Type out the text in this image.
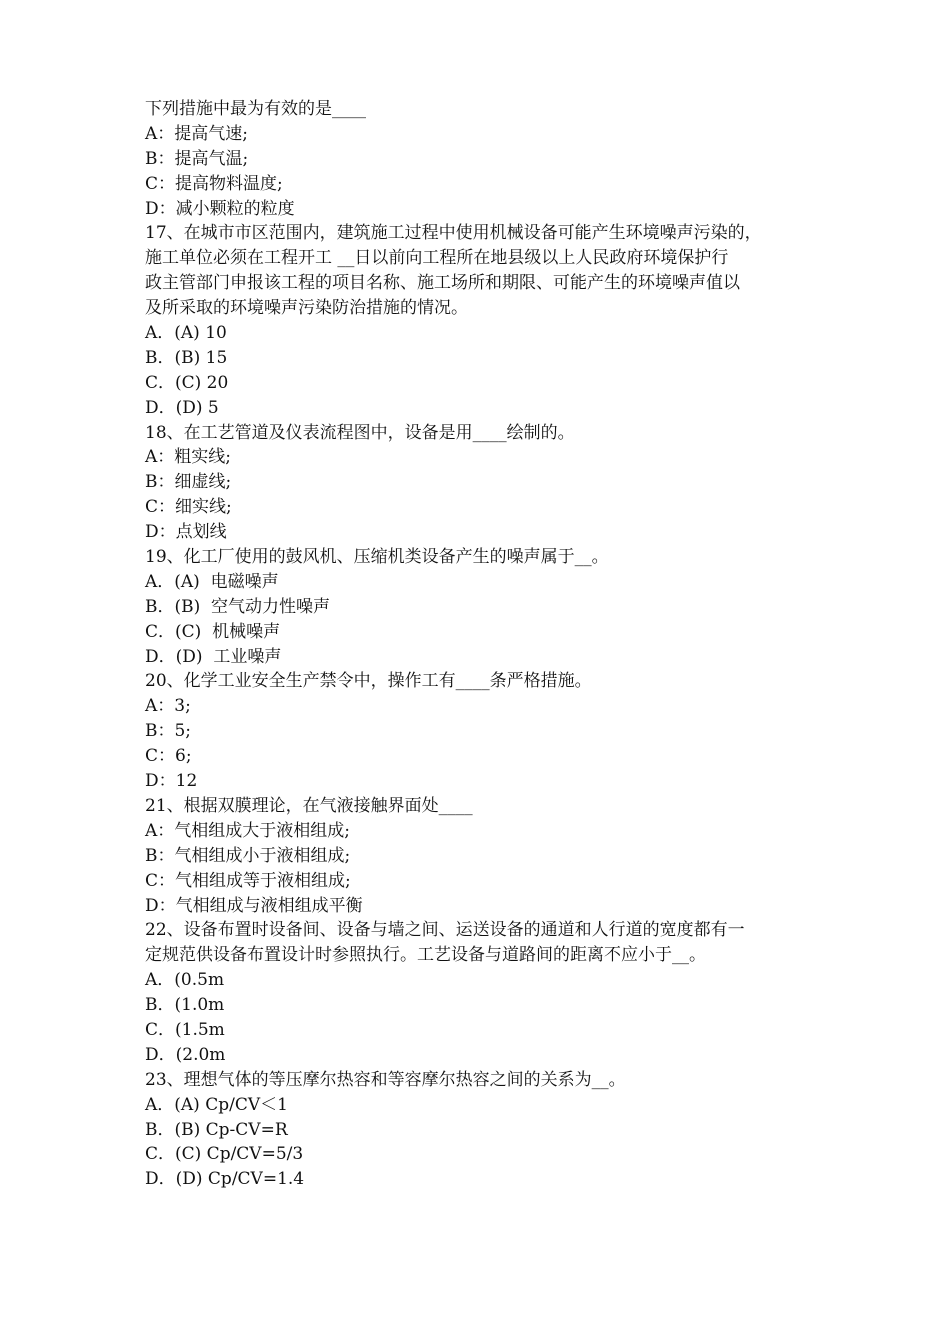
下列措施中最为有效的是____
A：提高气速;
B：提高气温;
C：提高物料温度;
D：减小颗粒的粒度
17、在城市市区范围内，建筑施工过程中使用机械设备可能产生环境噪声污染的，
施工单位必须在工程开工 __日以前向工程所在地县级以上人民政府环境保护行
政主管部门申报该工程的项目名称、施工场所和期限、可能产生的环境噪声值以
及所采取的环境噪声污染防治措施的情况。
A．(A) 10
B．(B) 15
C．(C) 20
D．(D) 5
18、在工艺管道及仪表流程图中，设备是用____绘制的。
A：粗实线;
B：细虚线;
C：细实线;
D：点划线
19、化工厂使用的鼓风机、压缩机类设备产生的噪声属于__。
A．(A)  电磁噪声
B．(B)  空气动力性噪声
C．(C)  机械噪声
D．(D)  工业噪声
20、化学工业安全生产禁令中，操作工有____条严格措施。
A：3;
B：5;
C：6;
D：12
21、根据双膜理论，在气液接触界面处____
A：气相组成大于液相组成;
B：气相组成小于液相组成;
C：气相组成等于液相组成;
D：气相组成与液相组成平衡
22、设备布置时设备间、设备与墙之间、运送设备的通道和人行道的宽度都有一
定规范供设备布置设计时参照执行。工艺设备与道路间的距离不应小于__。
A．(0.5m
B．(1.0m
C．(1.5m
D．(2.0m
23、理想气体的等压摩尔热容和等容摩尔热容之间的关系为__。
A．(A) Cp/CV＜1
B．(B) Cp-CV=R
C．(C) Cp/CV=5/3
D．(D) Cp/CV=1.4
